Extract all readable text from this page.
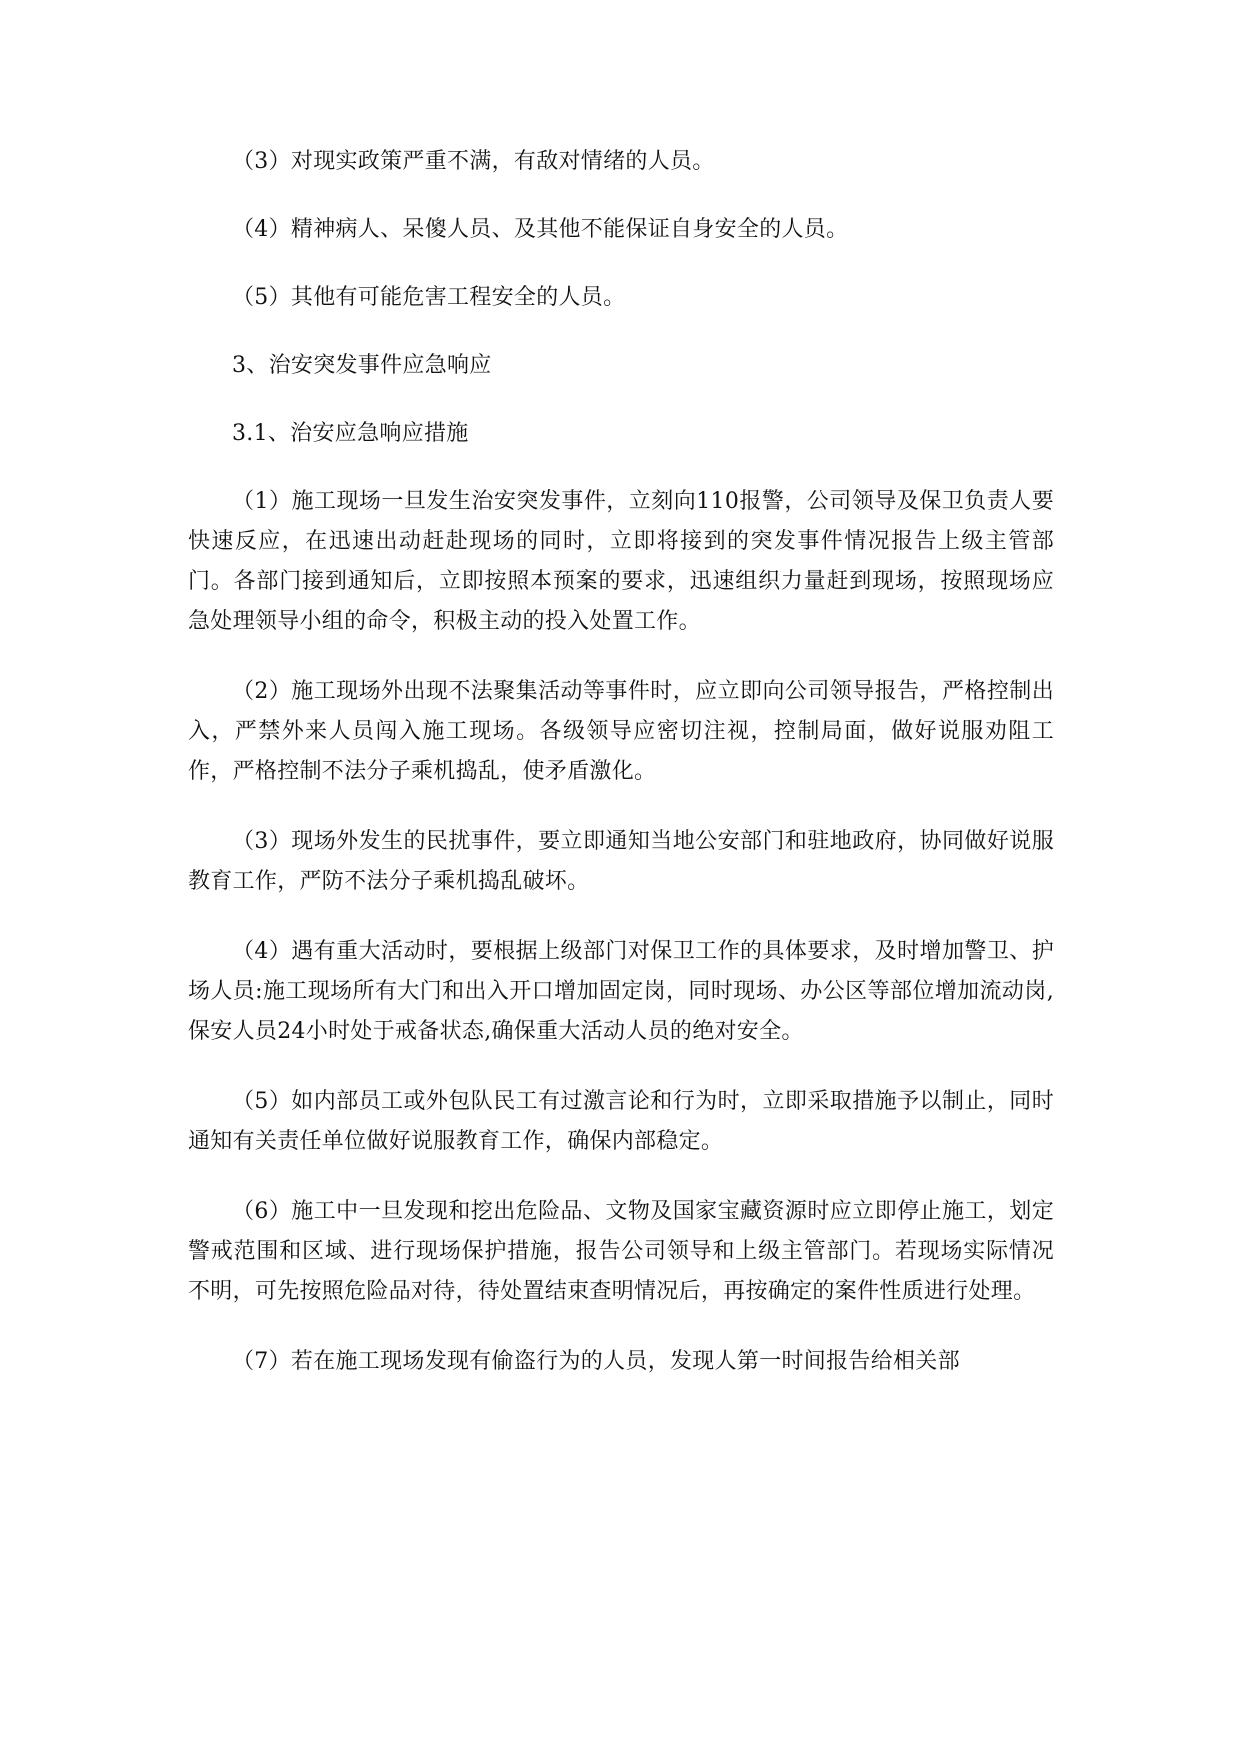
（3）对现实政策严重不满，有敌对情绪的人员。

（4）精神病人、呆傻人员、及其他不能保证自身安全的人员。

（5）其他有可能危害工程安全的人员。

3、治安突发事件应急响应

3.1、治安应急响应措施

（1）施工现场一旦发生治安突发事件，立刻向110报警，公司领导及保卫负责人要快速反应，在迅速出动赶赴现场的同时，立即将接到的突发事件情况报告上级主管部门。各部门接到通知后，立即按照本预案的要求，迅速组织力量赶到现场，按照现场应急处理领导小组的命令，积极主动的投入处置工作。

（2）施工现场外出现不法聚集活动等事件时，应立即向公司领导报告，严格控制出入，严禁外来人员闯入施工现场。各级领导应密切注视，控制局面，做好说服劝阻工作，严格控制不法分子乘机捣乱，使矛盾激化。

（3）现场外发生的民扰事件，要立即通知当地公安部门和驻地政府，协同做好说服教育工作，严防不法分子乘机捣乱破坏。

（4）遇有重大活动时，要根据上级部门对保卫工作的具体要求，及时增加警卫、护场人员:施工现场所有大门和出入开口增加固定岗，同时现场、办公区等部位增加流动岗,保安人员24小时处于戒备状态,确保重大活动人员的绝对安全。

（5）如内部员工或外包队民工有过激言论和行为时，立即采取措施予以制止，同时通知有关责任单位做好说服教育工作，确保内部稳定。

（6）施工中一旦发现和挖出危险品、文物及国家宝藏资源时应立即停止施工，划定警戒范围和区域、进行现场保护措施，报告公司领导和上级主管部门。若现场实际情况不明，可先按照危险品对待，待处置结束查明情况后，再按确定的案件性质进行处理。

（7）若在施工现场发现有偷盗行为的人员，发现人第一时间报告给相关部
